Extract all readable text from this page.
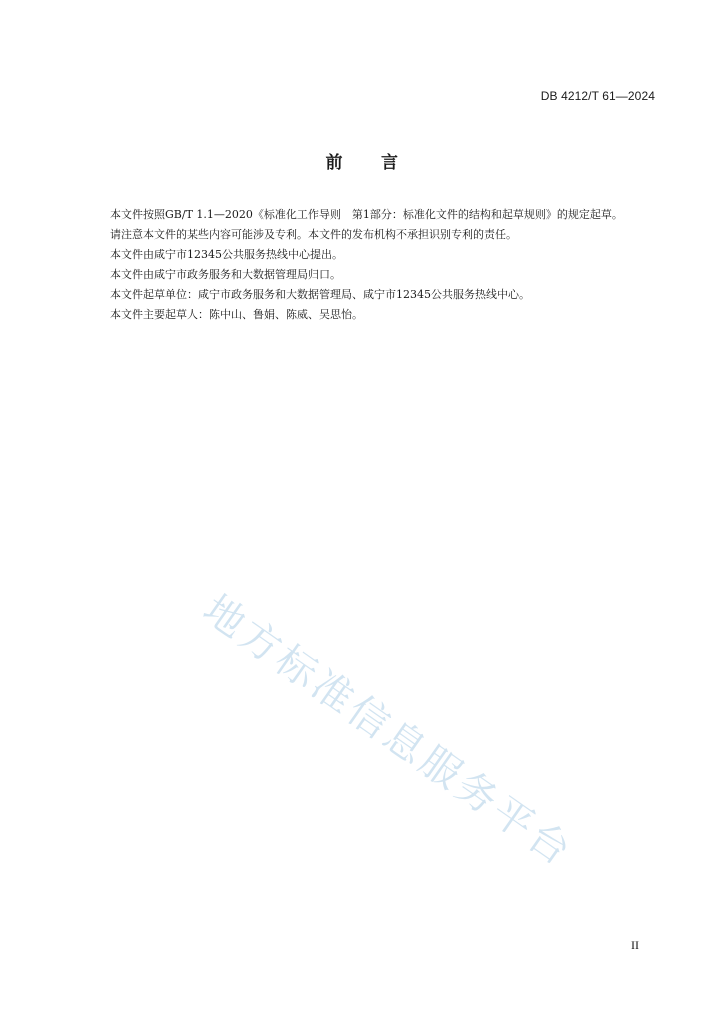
DB 4212/T 61—2024
前 言

本文件按照GB/T 1.1—2020《标准化工作导则　第1部分：标准化文件的结构和起草规则》的规定起草。

请注意本文件的某些内容可能涉及专利。本文件的发布机构不承担识别专利的责任。

本文件由咸宁市12345公共服务热线中心提出。

本文件由咸宁市政务服务和大数据管理局归口。

本文件起草单位：咸宁市政务服务和大数据管理局、咸宁市12345公共服务热线中心。

本文件主要起草人：陈中山、鲁娟、陈威、吴思怡。

地方标准信息服务平台
II
